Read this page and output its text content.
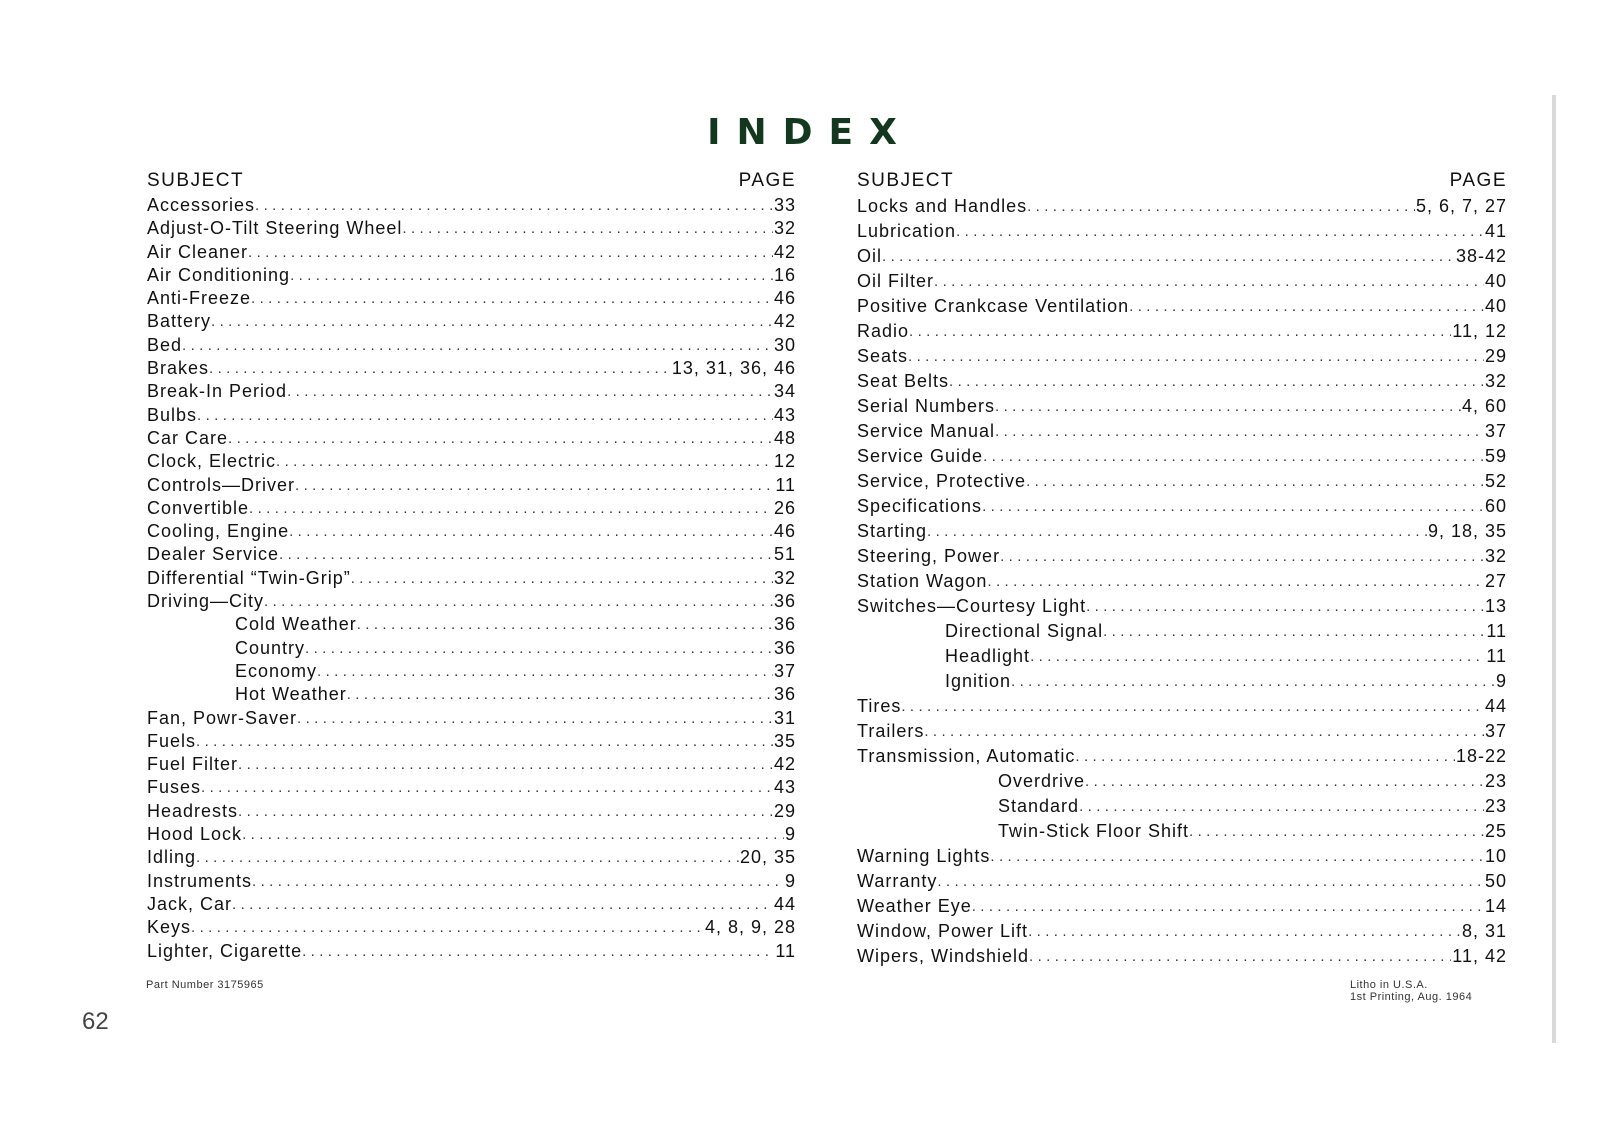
INDEX
SUBJECT	PAGE
Accessories .....	33
Adjust-O-Tilt Steering Wheel .....	32
Air Cleaner .....	42
Air Conditioning .....	16
Anti-Freeze .....	46
Battery .....	42
Bed .....	30
Brakes .....	13, 31, 36, 46
Break-In Period .....	34
Bulbs .....	43
Car Care .....	48
Clock, Electric .....	12
Controls—Driver .....	11
Convertible .....	26
Cooling, Engine .....	46
Dealer Service .....	51
Differential “Twin-Grip” .....	32
Driving—City .....	36
Cold Weather .....	36
Country .....	36
Economy .....	37
Hot Weather .....	36
Fan, Powr-Saver .....	31
Fuels .....	35
Fuel Filter .....	42
Fuses .....	43
Headrests .....	29
Hood Lock .....	9
Idling .....	20, 35
Instruments .....	9
Jack, Car .....	44
Keys .....	4, 8, 9, 28
Lighter, Cigarette .....	11
SUBJECT	PAGE
Locks and Handles .....	5, 6, 7, 27
Lubrication .....	41
Oil .....	38-42
Oil Filter .....	40
Positive Crankcase Ventilation .....	40
Radio .....	11, 12
Seats .....	29
Seat Belts .....	32
Serial Numbers .....	4, 60
Service Manual .....	37
Service Guide .....	59
Service, Protective .....	52
Specifications .....	60
Starting .....	9, 18, 35
Steering, Power .....	32
Station Wagon .....	27
Switches—Courtesy Light .....	13
Directional Signal .....	11
Headlight .....	11
Ignition .....	9
Tires .....	44
Trailers .....	37
Transmission, Automatic .....	18-22
Overdrive .....	23
Standard .....	23
Twin-Stick Floor Shift .....	25
Warning Lights .....	10
Warranty .....	50
Weather Eye .....	14
Window, Power Lift .....	8, 31
Wipers, Windshield .....	11, 42
Part Number 3175965	Litho in U.S.A.
1st Printing, Aug. 1964
62
